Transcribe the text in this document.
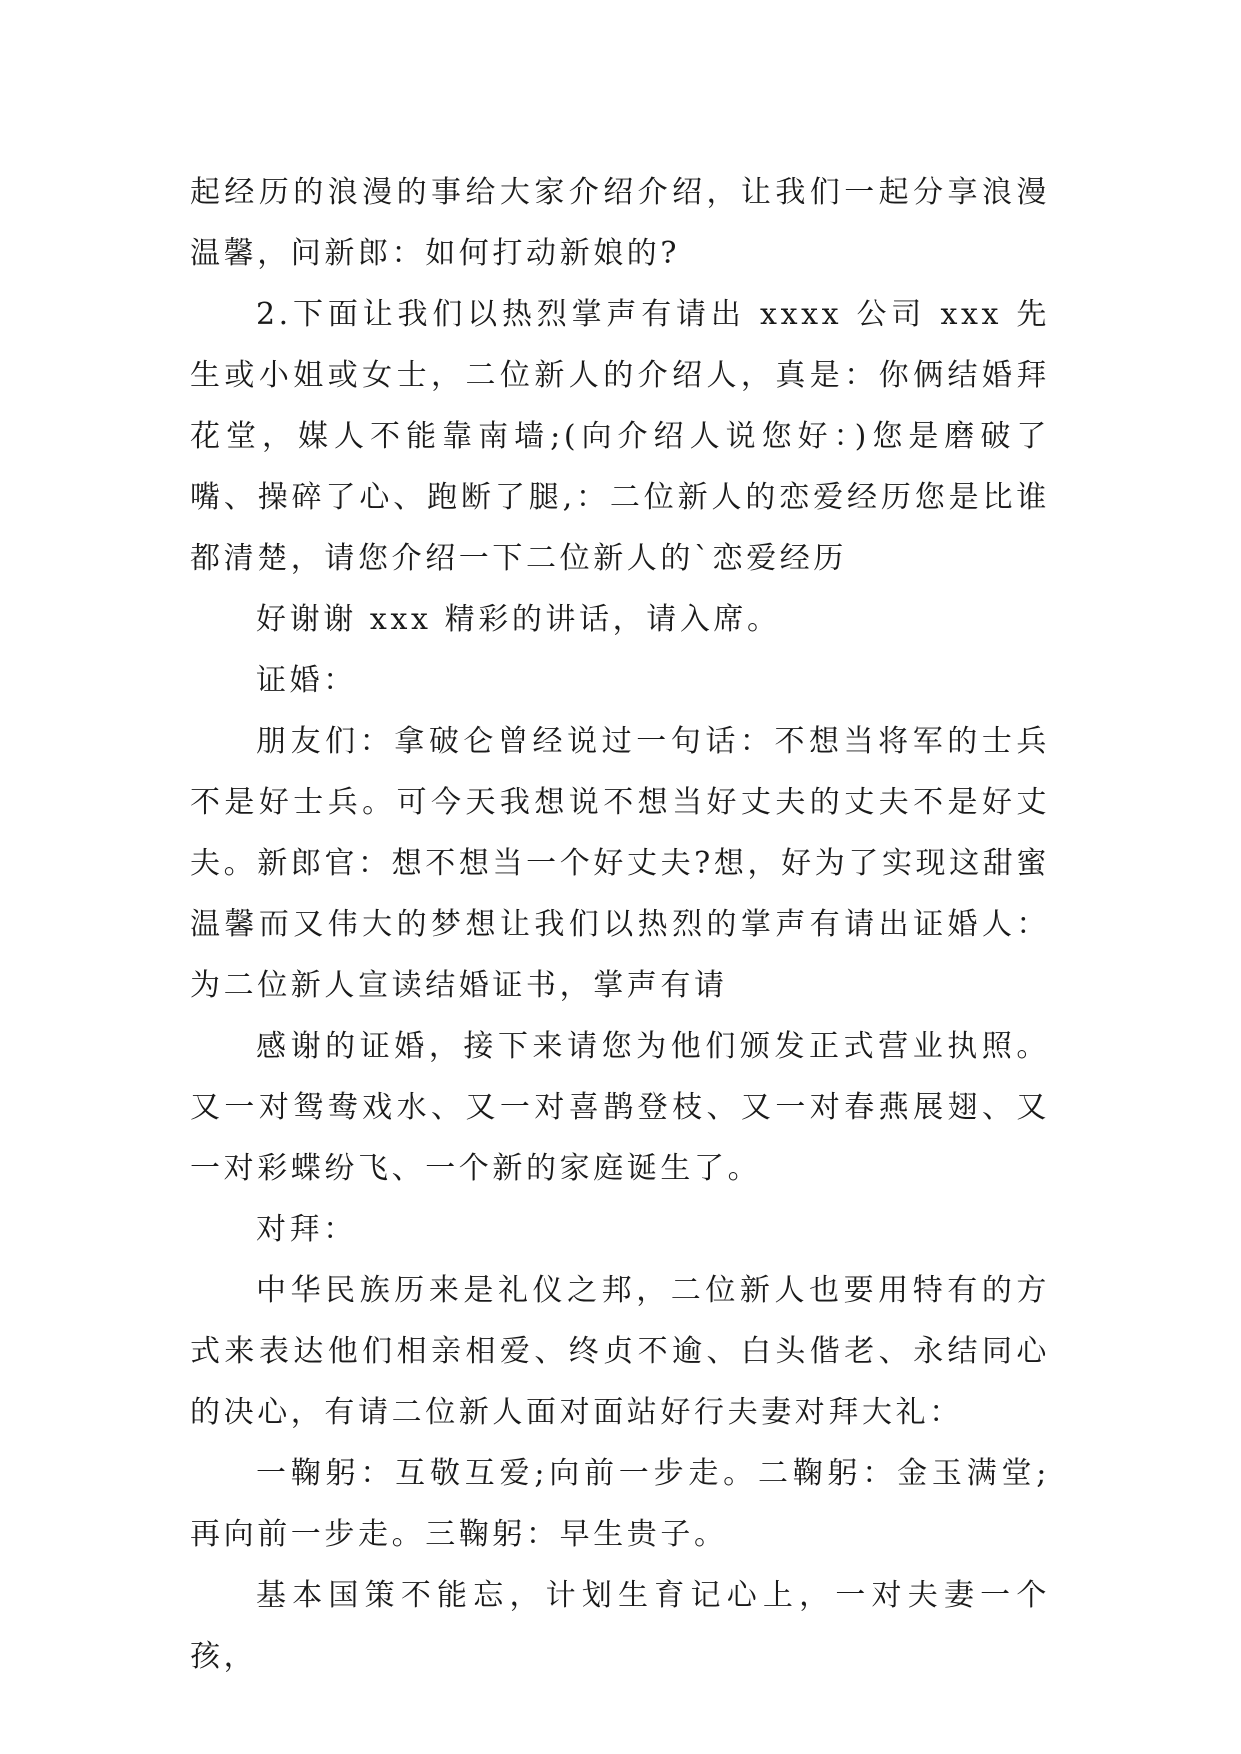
起经历的浪漫的事给大家介绍介绍，让我们一起分享浪漫温馨，问新郎：如何打动新娘的?

2.下面让我们以热烈掌声有请出 xxxx 公司 xxx 先生或小姐或女士，二位新人的介绍人，真是：你俩结婚拜花堂，媒人不能靠南墙;(向介绍人说您好：)您是磨破了嘴、操碎了心、跑断了腿,：二位新人的恋爱经历您是比谁都清楚，请您介绍一下二位新人的`恋爱经历

好谢谢 xxx 精彩的讲话，请入席。

证婚：

朋友们：拿破仑曾经说过一句话：不想当将军的士兵不是好士兵。可今天我想说不想当好丈夫的丈夫不是好丈夫。新郎官：想不想当一个好丈夫?想，好为了实现这甜蜜温馨而又伟大的梦想让我们以热烈的掌声有请出证婚人：为二位新人宣读结婚证书，掌声有请

感谢的证婚，接下来请您为他们颁发正式营业执照。又一对鸳鸯戏水、又一对喜鹊登枝、又一对春燕展翅、又一对彩蝶纷飞、一个新的家庭诞生了。

对拜：

中华民族历来是礼仪之邦，二位新人也要用特有的方式来表达他们相亲相爱、终贞不逾、白头偕老、永结同心的决心，有请二位新人面对面站好行夫妻对拜大礼：

一鞠躬：互敬互爱;向前一步走。二鞠躬：金玉满堂;再向前一步走。三鞠躬：早生贵子。

基本国策不能忘，计划生育记心上，一对夫妻一个孩，
